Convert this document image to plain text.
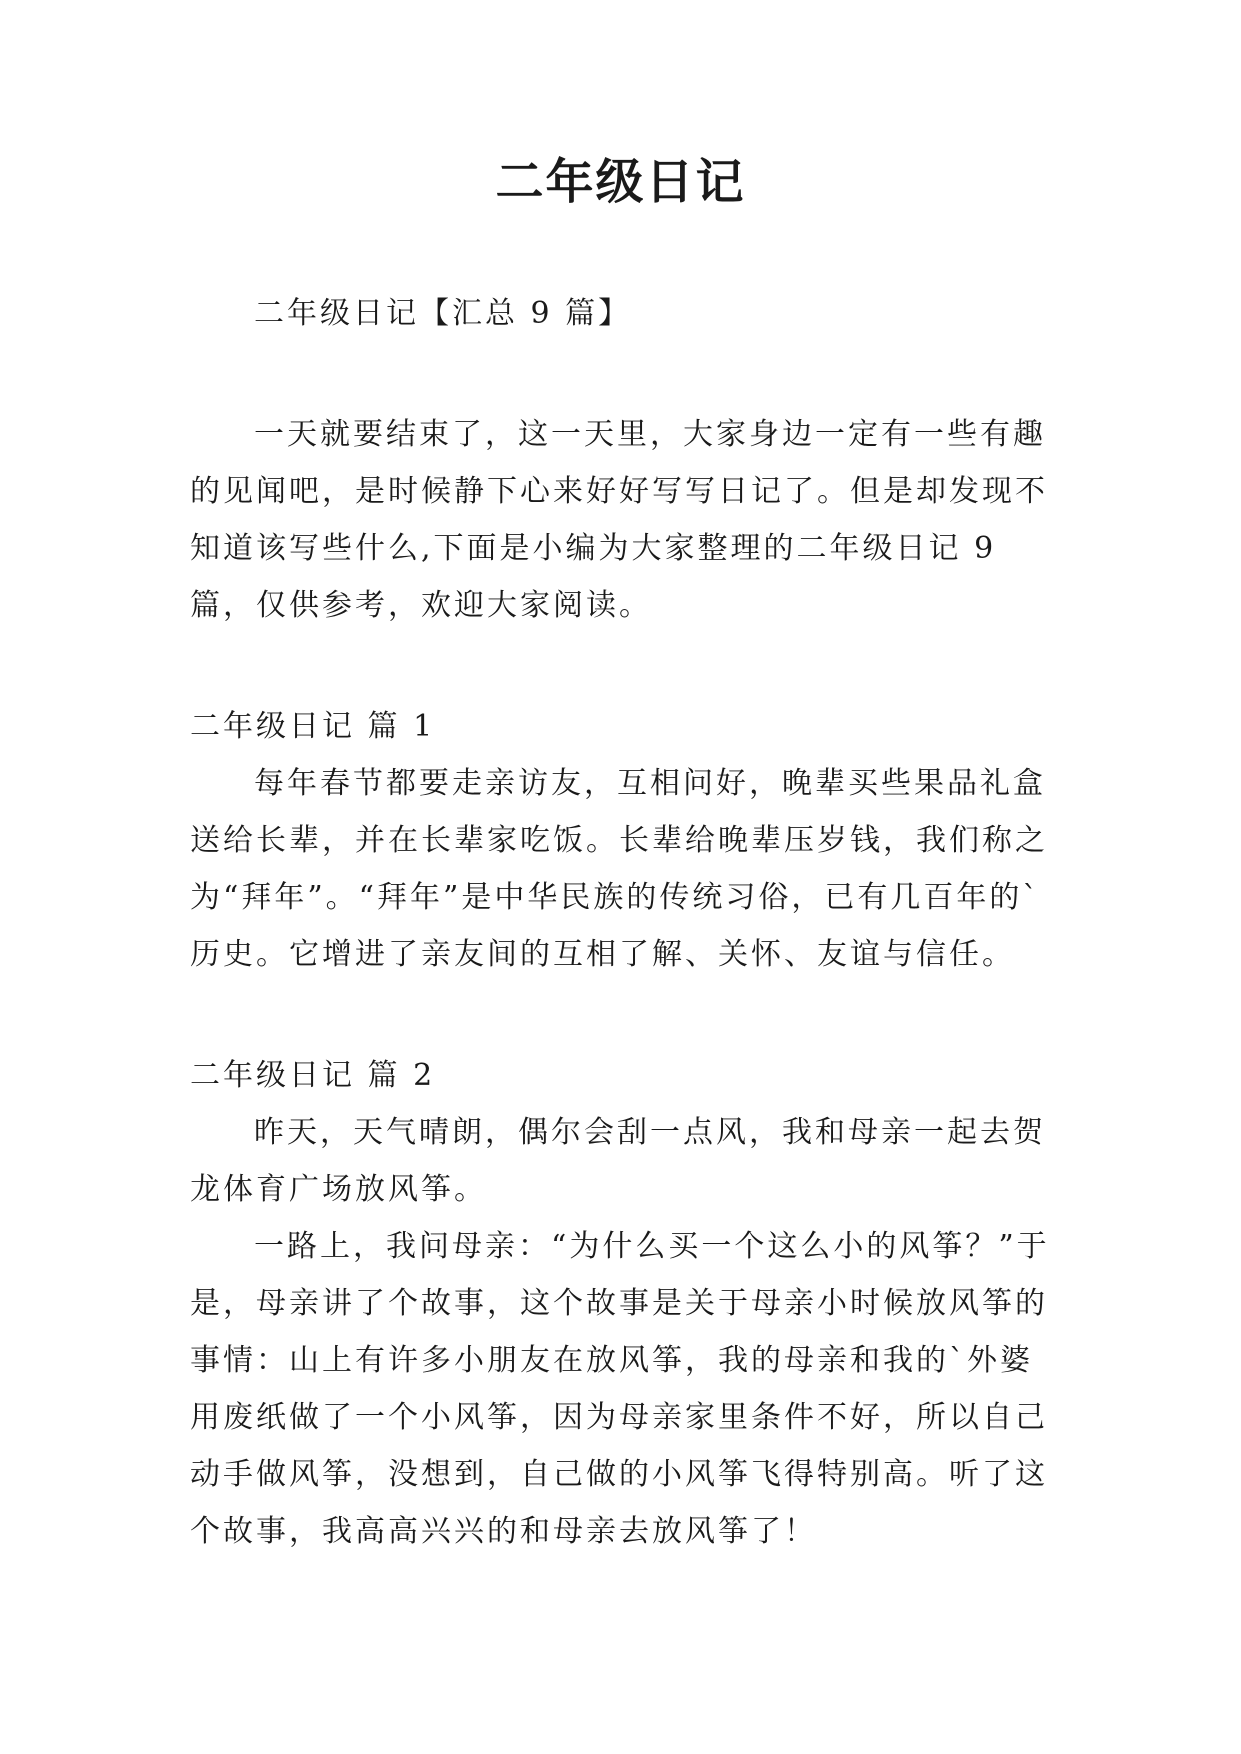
二年级日记

二年级日记【汇总 9 篇】

一天就要结束了，这一天里，大家身边一定有一些有趣的见闻吧，是时候静下心来好好写写日记了。但是却发现不知道该写些什么,下面是小编为大家整理的二年级日记 9 篇，仅供参考，欢迎大家阅读。

二年级日记 篇 1

每年春节都要走亲访友，互相问好，晚辈买些果品礼盒送给长辈，并在长辈家吃饭。长辈给晚辈压岁钱，我们称之为“拜年”。“拜年”是中华民族的传统习俗，已有几百年的`历史。它增进了亲友间的互相了解、关怀、友谊与信任。

二年级日记 篇 2

昨天，天气晴朗，偶尔会刮一点风，我和母亲一起去贺龙体育广场放风筝。

一路上，我问母亲：“为什么买一个这么小的风筝？”于是，母亲讲了个故事，这个故事是关于母亲小时候放风筝的事情：山上有许多小朋友在放风筝，我的母亲和我的`外婆用废纸做了一个小风筝，因为母亲家里条件不好，所以自己动手做风筝，没想到，自己做的小风筝飞得特别高。听了这个故事，我高高兴兴的和母亲去放风筝了！
